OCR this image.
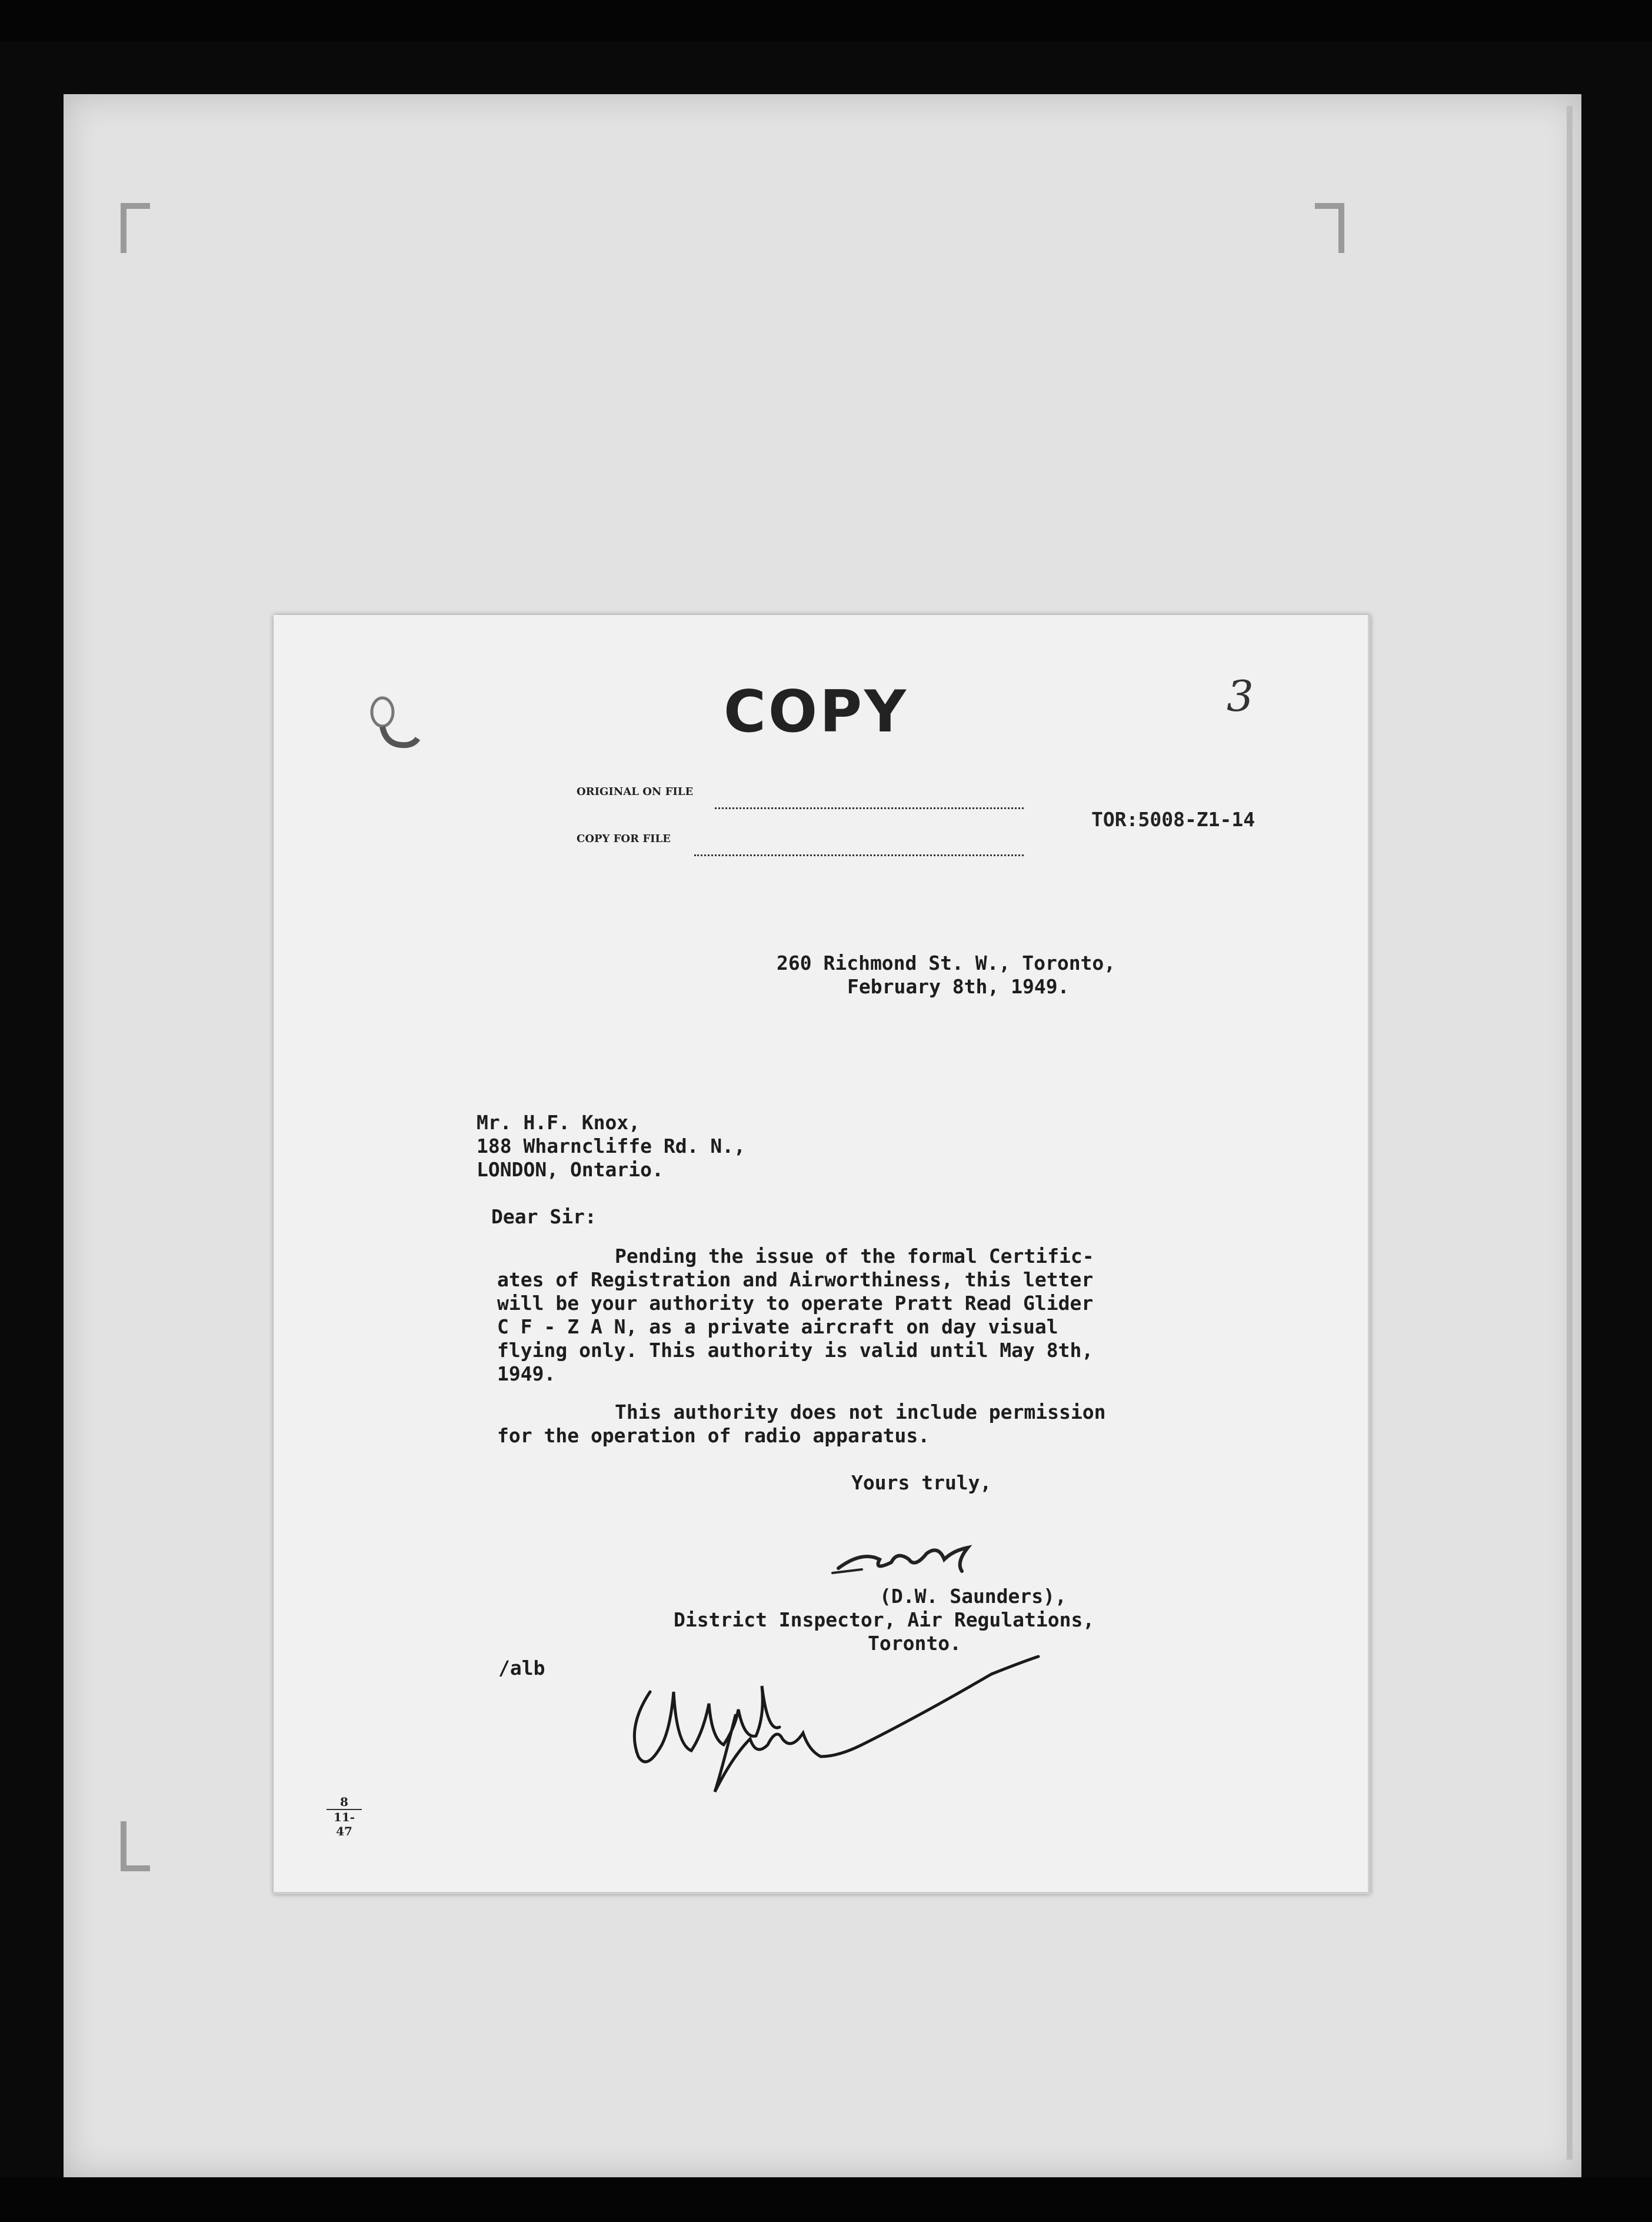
COPY	3
ORIGINAL ON FILE
COPY FOR FILE
TOR:5008-Z1-14
260 Richmond St. W., Toronto,
February 8th, 1949.
Mr. H.F. Knox,
188 Wharncliffe Rd. N.,
LONDON, Ontario.
Dear Sir:
Pending the issue of the formal Certific-
ates of Registration and Airworthiness, this letter
will be your authority to operate Pratt Read Glider
C F - Z A N, as a private aircraft on day visual
flying only. This authority is valid until May 8th,
1949.
This authority does not include permission
for the operation of radio apparatus.
Yours truly,
(D.W. Saunders),
District Inspector, Air Regulations,
Toronto.
/alb
8
11-47
